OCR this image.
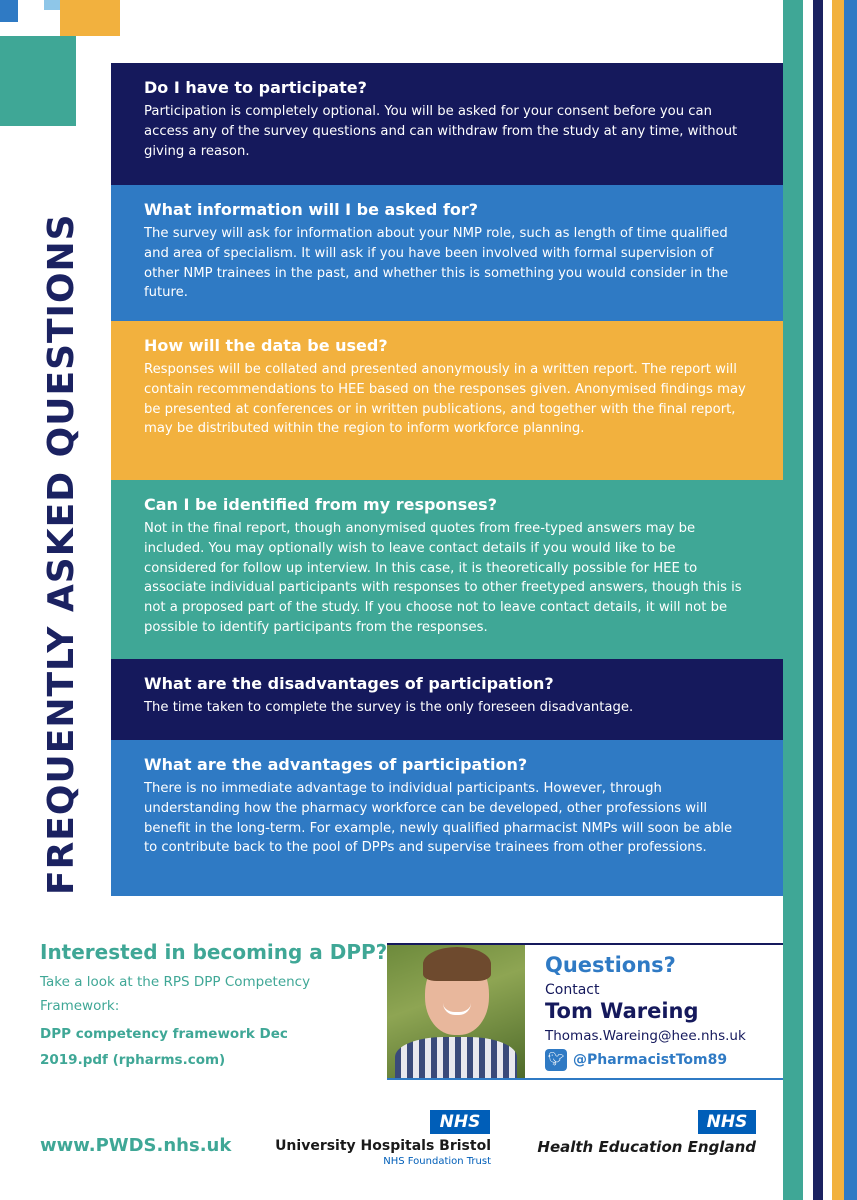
FREQUENTLY ASKED QUESTIONS
Do I have to participate?

Participation is completely optional. You will be asked for your consent before you can access any of the survey questions and can withdraw from the study at any time, without giving a reason.

What information will I be asked for?

The survey will ask for information about your NMP role, such as length of time qualified and area of specialism. It will ask if you have been involved with formal supervision of other NMP trainees in the past, and whether this is something you would consider in the future.

How will the data be used?

Responses will be collated and presented anonymously in a written report. The report will contain recommendations to HEE based on the responses given. Anonymised findings may be presented at conferences or in written publications, and together with the final report, may be distributed within the region to inform workforce planning.

Can I be identified from my responses?

Not in the final report, though anonymised quotes from free-typed answers may be included. You may optionally wish to leave contact details if you would like to be considered for follow up interview. In this case, it is theoretically possible for HEE to associate individual participants with responses to other freetyped answers, though this is not a proposed part of the study. If you choose not to leave contact details, it will not be possible to identify participants from the responses.

What are the disadvantages of participation?

The time taken to complete the survey is the only foreseen disadvantage.

What are the advantages of participation?

There is no immediate advantage to individual participants. However, through understanding how the pharmacy workforce can be developed, other professions will benefit in the long-term. For example, newly qualified pharmacist NMPs will soon be able to contribute back to the pool of DPPs and supervise trainees from other professions.

Interested in becoming a DPP?
Take a look at the RPS DPP Competency Framework:
DPP competency framework Dec 2019.pdf (rpharms.com)
Questions?
Contact
Tom Wareing
Thomas.Wareing@hee.nhs.uk
🐦︎ @PharmacistTom89
www.PWDS.nhs.uk
NHS
University Hospitals Bristol
NHS Foundation Trust
NHS
Health Education England
